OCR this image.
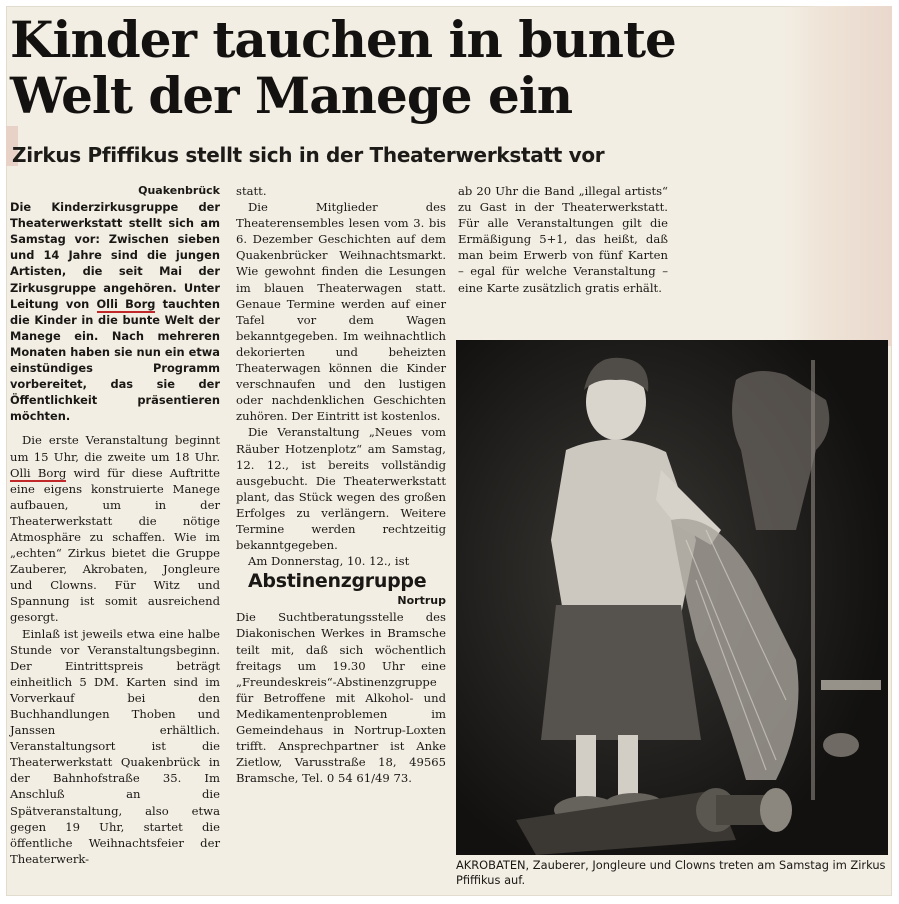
Kinder tauchen in bunte Welt der Manege ein
Zirkus Pfiffikus stellt sich in der Theaterwerkstatt vor
Quakenbrück

Die Kinderzirkusgruppe der Theaterwerkstatt stellt sich am Samstag vor: Zwischen sieben und 14 Jahre sind die jungen Artisten, die seit Mai der Zirkusgruppe angehören. Unter Leitung von Olli Borg tauchten die Kinder in die bunte Welt der Manege ein. Nach mehreren Monaten haben sie nun ein etwa einstündiges Programm vorbereitet, das sie der Öffentlichkeit präsentieren möchten.

Die erste Veranstaltung beginnt um 15 Uhr, die zweite um 18 Uhr. Olli Borg wird für diese Auftritte eine eigens konstruierte Manege aufbauen, um in der Theaterwerkstatt die nötige Atmosphäre zu schaffen. Wie im „echten“ Zirkus bietet die Gruppe Zauberer, Akrobaten, Jongleure und Clowns. Für Witz und Spannung ist somit ausreichend gesorgt.

Einlaß ist jeweils etwa eine halbe Stunde vor Veranstaltungsbeginn. Der Eintrittspreis beträgt einheitlich 5 DM. Karten sind im Vorverkauf bei den Buchhandlungen Thoben und Janssen erhältlich. Veranstaltungsort ist die Theaterwerkstatt Quakenbrück in der Bahnhofstraße 35. Im Anschluß an die Spätveranstaltung, also etwa gegen 19 Uhr, startet die öffentliche Weihnachtsfeier der Theaterwerk-

statt.

Die Mitglieder des Theaterensembles lesen vom 3. bis 6. Dezember Geschichten auf dem Quakenbrücker Weihnachtsmarkt. Wie gewohnt finden die Lesungen im blauen Theaterwagen statt. Genaue Termine werden auf einer Tafel vor dem Wagen bekanntgegeben. Im weihnachtlich dekorierten und beheizten Theaterwagen können die Kinder verschnaufen und den lustigen oder nachdenklichen Geschichten zuhören. Der Eintritt ist kostenlos.

Die Veranstaltung „Neues vom Räuber Hotzenplotz“ am Samstag, 12. 12., ist bereits vollständig ausgebucht. Die Theaterwerkstatt plant, das Stück wegen des großen Erfolges zu verlängern. Weitere Termine werden rechtzeitig bekanntgegeben.

Am Donnerstag, 10. 12., ist

Abstinenzgruppe

Nortrup

Die Suchtberatungsstelle des Diakonischen Werkes in Bramsche teilt mit, daß sich wöchentlich freitags um 19.30 Uhr eine „Freundeskreis“-Abstinenzgruppe für Betroffene mit Alkohol- und Medikamentenproblemen im Gemeindehaus in Nortrup-Loxten trifft. Ansprechpartner ist Anke Zietlow, Varusstraße 18, 49565 Bramsche, Tel. 0 54 61/49 73.

ab 20 Uhr die Band „illegal artists“ zu Gast in der Theaterwerkstatt. Für alle Veranstaltungen gilt die Ermäßigung 5+1, das heißt, daß man beim Erwerb von fünf Karten – egal für welche Veranstaltung – eine Karte zusätzlich gratis erhält.

AKROBATEN, Zauberer, Jongleure und Clowns treten am Samstag im Zirkus Pfiffikus auf.
